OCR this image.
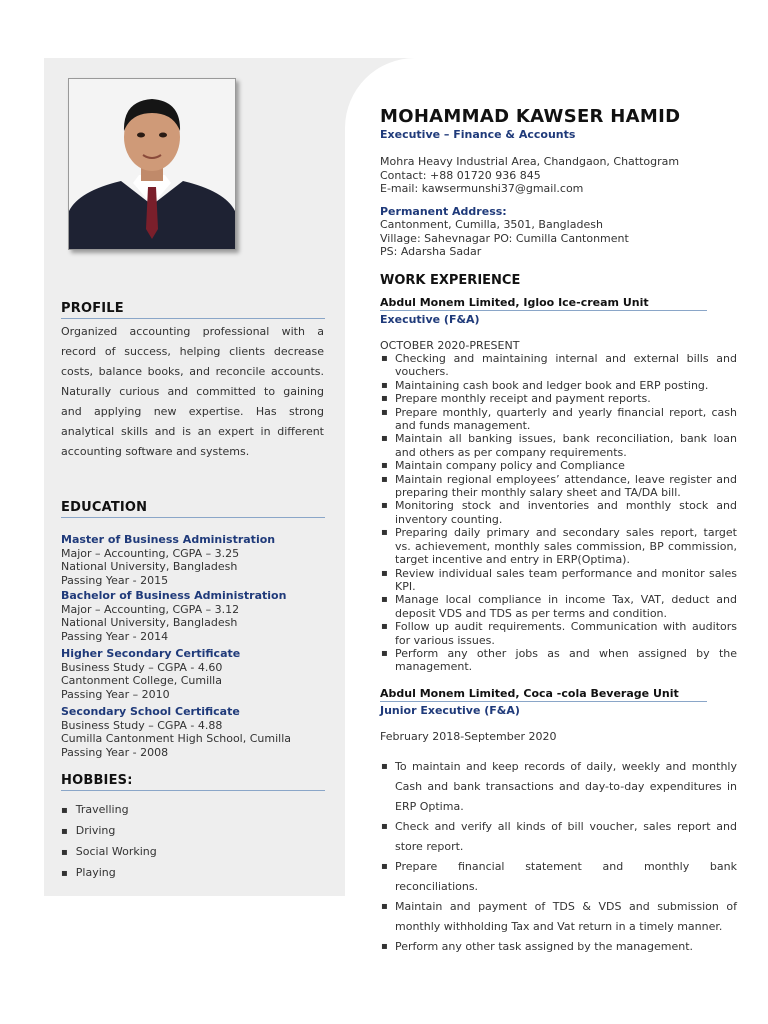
PROFILE
Organized accounting professional with a record of success, helping clients decrease costs, balance books, and reconcile accounts. Naturally curious and committed to gaining and applying new expertise. Has strong analytical skills and is an expert in different accounting software and systems.
EDUCATION
Master of Business Administration
Major – Accounting, CGPA – 3.25
National University, Bangladesh
Passing Year - 2015
Bachelor of Business Administration
Major – Accounting, CGPA – 3.12
National University, Bangladesh
Passing Year - 2014
Higher Secondary Certificate
Business Study – CGPA - 4.60
Cantonment College, Cumilla
Passing Year – 2010
Secondary School Certificate
Business Study – CGPA - 4.88
Cumilla Cantonment High School, Cumilla
Passing Year - 2008
HOBBIES:
▪ Travelling
▪ Driving
▪ Social Working
▪ Playing
MOHAMMAD KAWSER HAMID
Executive – Finance & Accounts
Mohra Heavy Industrial Area, Chandgaon, Chattogram
Contact: +88 01720 936 845
E-mail: kawsermunshi37@gmail.com
Permanent Address:
Cantonment, Cumilla, 3501, Bangladesh
Village: Sahevnagar PO: Cumilla Cantonment
PS: Adarsha Sadar
WORK EXPERIENCE
Abdul Monem Limited, Igloo Ice-cream Unit
Executive (F&A)
OCTOBER 2020-PRESENT
▪ Checking and maintaining internal and external bills and vouchers.
▪ Maintaining cash book and ledger book and ERP posting.
▪ Prepare monthly receipt and payment reports.
▪ Prepare monthly, quarterly and yearly financial report, cash and funds management.
▪ Maintain all banking issues, bank reconciliation, bank loan and others as per company requirements.
▪ Maintain company policy and Compliance
▪ Maintain regional employees’ attendance, leave register and preparing their monthly salary sheet and TA/DA bill.
▪ Monitoring stock and inventories and monthly stock and inventory counting.
▪ Preparing daily primary and secondary sales report, target vs. achievement, monthly sales commission, BP commission, target incentive and entry in ERP(Optima).
▪ Review individual sales team performance and monitor sales KPI.
▪ Manage local compliance in income Tax, VAT, deduct and deposit VDS and TDS as per terms and condition.
▪ Follow up audit requirements. Communication with auditors for various issues.
▪ Perform any other jobs as and when assigned by the management.
Abdul Monem Limited, Coca -cola Beverage Unit
Junior Executive (F&A)
February 2018-September 2020
▪ To maintain and keep records of daily, weekly and monthly Cash and bank transactions and day-to-day expenditures in ERP Optima.
▪ Check and verify all kinds of bill voucher, sales report and store report.
▪ Prepare financial statement and monthly bank reconciliations.
▪ Maintain and payment of TDS & VDS and submission of monthly withholding Tax and Vat return in a timely manner.
▪ Perform any other task assigned by the management.
